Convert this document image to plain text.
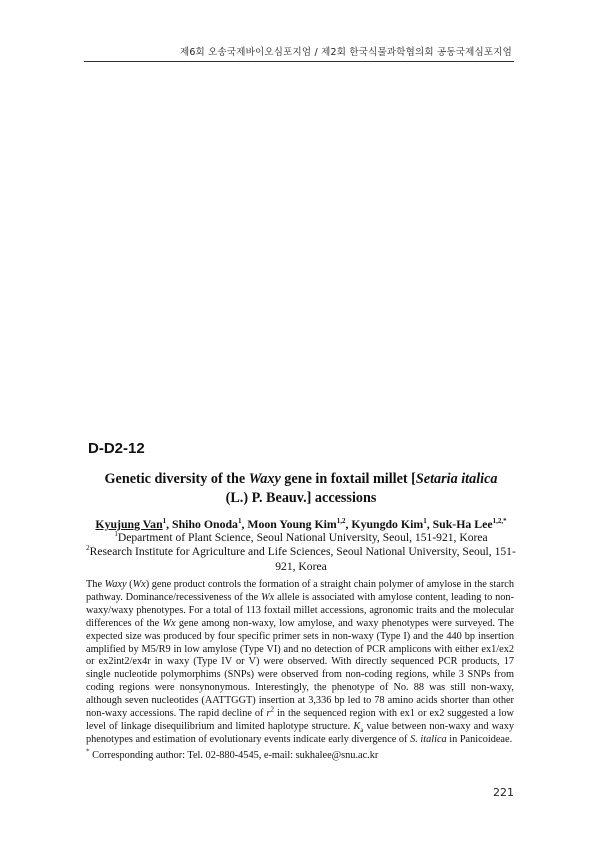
제6회 오송국제바이오심포지엄 / 제2회 한국식물과학협의회 공동국제심포지엄
D-D2-12
Genetic diversity of the Waxy gene in foxtail millet [Setaria italica
(L.) P. Beauv.] accessions
Kyujung Van$^1$, Shiho Onoda$^1$, Moon Young Kim$^{1,2}$, Kyungdo Kim$^1$, Suk-Ha Lee$^{1,2,*}$
$^1$Department of Plant Science, Seoul National University, Seoul, 151-921, Korea
$^2$Research Institute for Agriculture and Life Sciences, Seoul National University, Seoul, 151-921, Korea
The Waxy (Wx) gene product controls the formation of a straight chain polymer of amylose in the starch pathway. Dominance/recessiveness of the Wx allele is associated with amylose content, leading to non-waxy/waxy phenotypes. For a total of 113 foxtail millet accessions, agronomic traits and the molecular differences of the Wx gene among non-waxy, low amylose, and waxy phenotypes were surveyed. The expected size was produced by four specific primer sets in non-waxy (Type I) and the 440 bp insertion amplified by M5/R9 in low amylose (Type VI) and no detection of PCR amplicons with either ex1/ex2 or ex2int2/ex4r in waxy (Type IV or V) were observed. With directly sequenced PCR products, 17 single nucleotide polymorphims (SNPs) were observed from non-coding regions, while 3 SNPs from coding regions were nonsynonymous. Interestingly, the phenotype of No. 88 was still non-waxy, although seven nucleotides (AATTGGT) insertion at 3,336 bp led to 78 amino acids shorter than other non-waxy accessions. The rapid decline of $r^2$ in the sequenced region with ex1 or ex2 suggested a low level of linkage disequilibrium and limited haplotype structure. $K_a$ value between non-waxy and waxy phenotypes and estimation of evolutionary events indicate early divergence of S. italica in Panicoideae.
* Corresponding author: Tel. 02-880-4545, e-mail: sukhalee@snu.ac.kr
221
